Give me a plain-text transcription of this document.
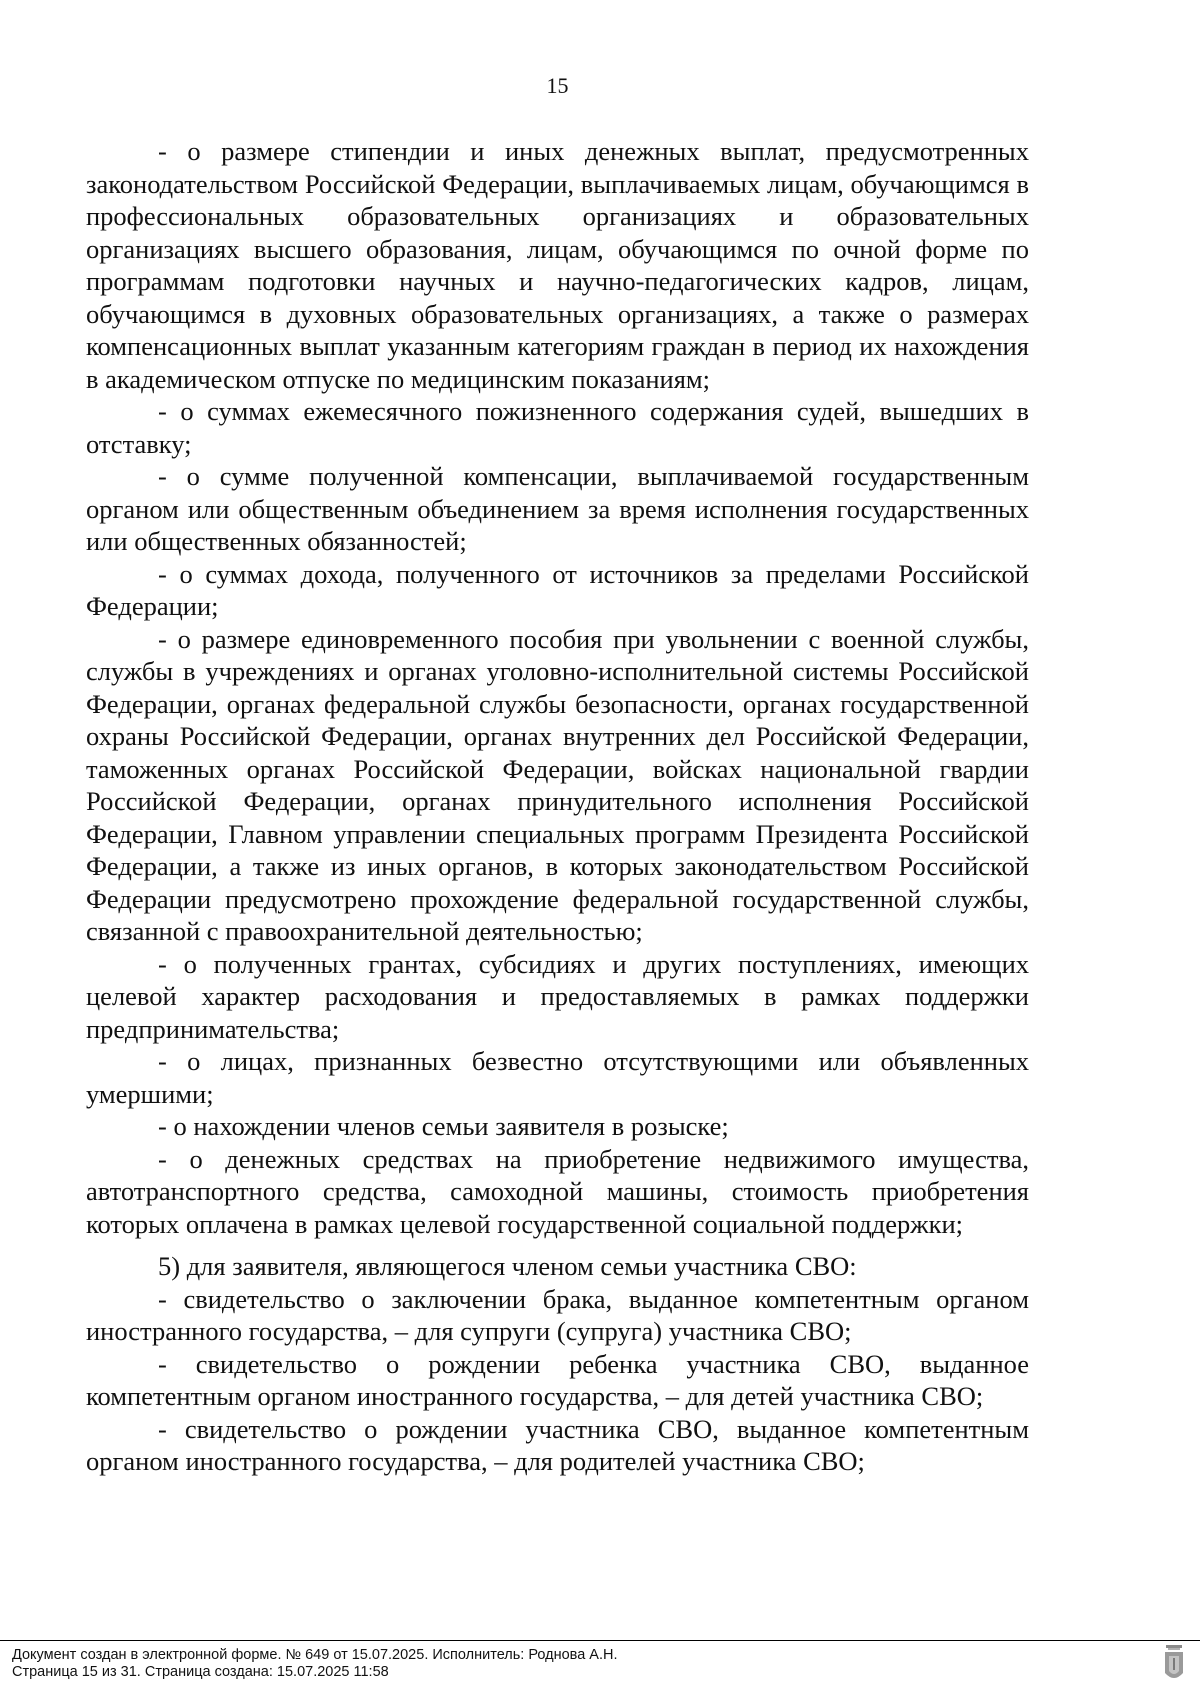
15

- о размере стипендии и иных денежных выплат, предусмотренных законодательством Российской Федерации, выплачиваемых лицам, обучающимся в профессиональных образовательных организациях и образовательных организациях высшего образования, лицам, обучающимся по очной форме по программам подготовки научных и научно-педагогических кадров, лицам, обучающимся в духовных образовательных организациях, а также о размерах компенсационных выплат указанным категориям граждан в период их нахождения в академическом отпуске по медицинским показаниям;

- о суммах ежемесячного пожизненного содержания судей, вышедших в отставку;

- о сумме полученной компенсации, выплачиваемой государственным органом или общественным объединением за время исполнения государственных или общественных обязанностей;

- о суммах дохода, полученного от источников за пределами Российской Федерации;

- о размере единовременного пособия при увольнении с военной службы, службы в учреждениях и органах уголовно-исполнительной системы Российской Федерации, органах федеральной службы безопасности, органах государственной охраны Российской Федерации, органах внутренних дел Российской Федерации, таможенных органах Российской Федерации, войсках национальной гвардии Российской Федерации, органах принудительного исполнения Российской Федерации, Главном управлении специальных программ Президента Российской Федерации, а также из иных органов, в которых законодательством Российской Федерации предусмотрено прохождение федеральной государственной службы, связанной с правоохранительной деятельностью;

- о полученных грантах, субсидиях и других поступлениях, имеющих целевой характер расходования и предоставляемых в рамках поддержки предпринимательства;

- о лицах, признанных безвестно отсутствующими или объявленных умершими;

- о нахождении членов семьи заявителя в розыске;

- о денежных средствах на приобретение недвижимого имущества, автотранспортного средства, самоходной машины, стоимость приобретения которых оплачена в рамках целевой государственной социальной поддержки;

5) для заявителя, являющегося членом семьи участника СВО:

- свидетельство о заключении брака, выданное компетентным органом иностранного государства, – для супруги (супруга) участника СВО;

- свидетельство о рождении ребенка участника СВО, выданное компетентным органом иностранного государства, – для детей участника СВО;

- свидетельство о рождении участника СВО, выданное компетентным органом иностранного государства, – для родителей участника СВО;

Документ создан в электронной форме. № 649 от 15.07.2025. Исполнитель: Роднова А.Н.
Страница 15 из 31. Страница создана: 15.07.2025 11:58
